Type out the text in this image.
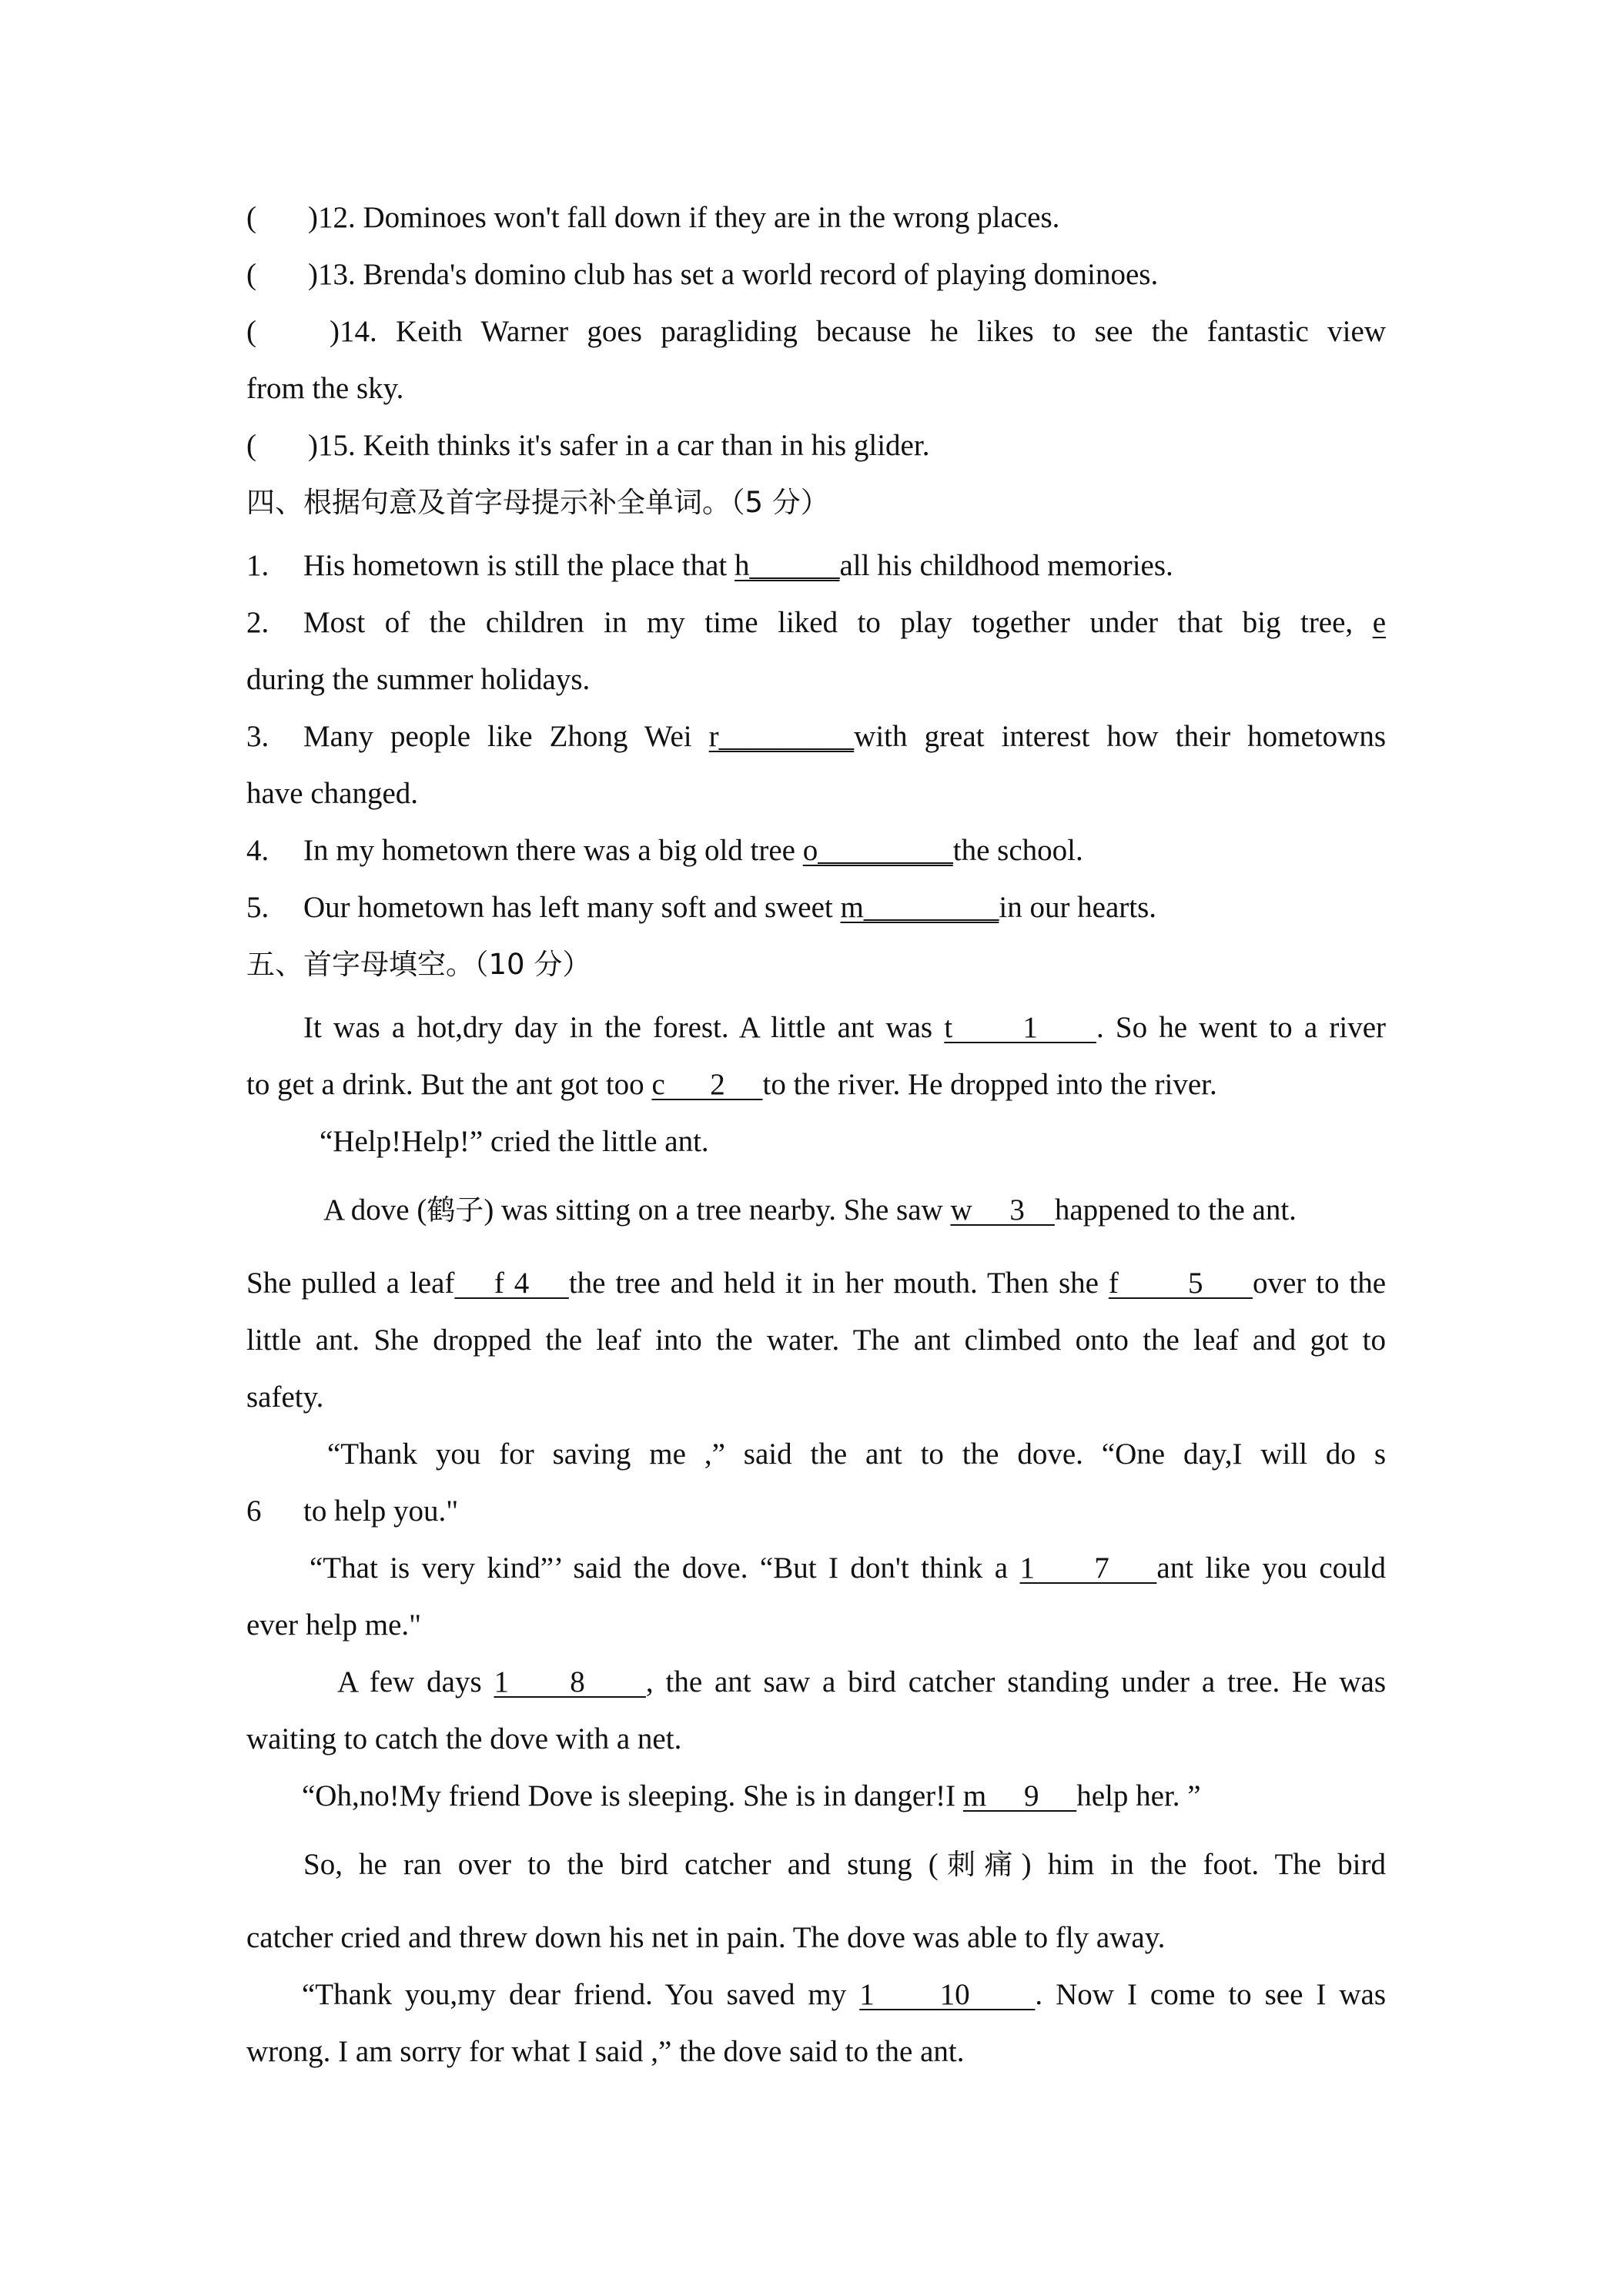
( )12. Dominoes won't fall down if they are in the wrong places.
( )13. Brenda's domino club has set a world record of playing dominoes.
( )14. Keith Warner goes paragliding because he likes to see the fantastic view
from the sky.
( )15. Keith thinks it's safer in a car than in his glider.
四、根据句意及首字母提示补全单词。（5 分）
1. His hometown is still the place that h______all his childhood memories.
2. Most of the children in my time liked to play together under that big tree, e
during the summer holidays.
3. Many people like Zhong Wei r_________with great interest how their hometowns
have changed.
4. In my hometown there was a big old tree o_________the school.
5. Our hometown has left many soft and sweet m_________in our hearts.
五、首字母填空。（10 分）
It was a hot,dry day in the forest. A little ant was t      1     . So he went to a river
to get a drink. But the ant got too c      2     to the river. He dropped into the river.
“Help!Help!” cried the little ant.
A dove (鹤子) was sitting on a tree nearby. She saw w     3    happened to the ant.
She pulled a leaf    f 4    the tree and held it in her mouth. Then she f       5     over to the
little ant. She dropped the leaf into the water. The ant climbed onto the leaf and got to
safety.
“Thank you for saving me ,” said the ant to the dove. “One day,I will do s
6 to help you."
“That is very kind”’ said the dove. “But I don't think a 1     7    ant like you could
ever help me."
A few days 1     8     , the ant saw a bird catcher standing under a tree. He was
waiting to catch the dove with a net.
“Oh,no!My friend Dove is sleeping. She is in danger!I m     9     help her. ”
So, he ran over to the bird catcher and stung (刺痛) him in the foot. The bird
catcher cried and threw down his net in pain. The dove was able to fly away.
“Thank you,my dear friend. You saved my 1     10     . Now I come to see I was
wrong. I am sorry for what I said ,” the dove said to the ant.
